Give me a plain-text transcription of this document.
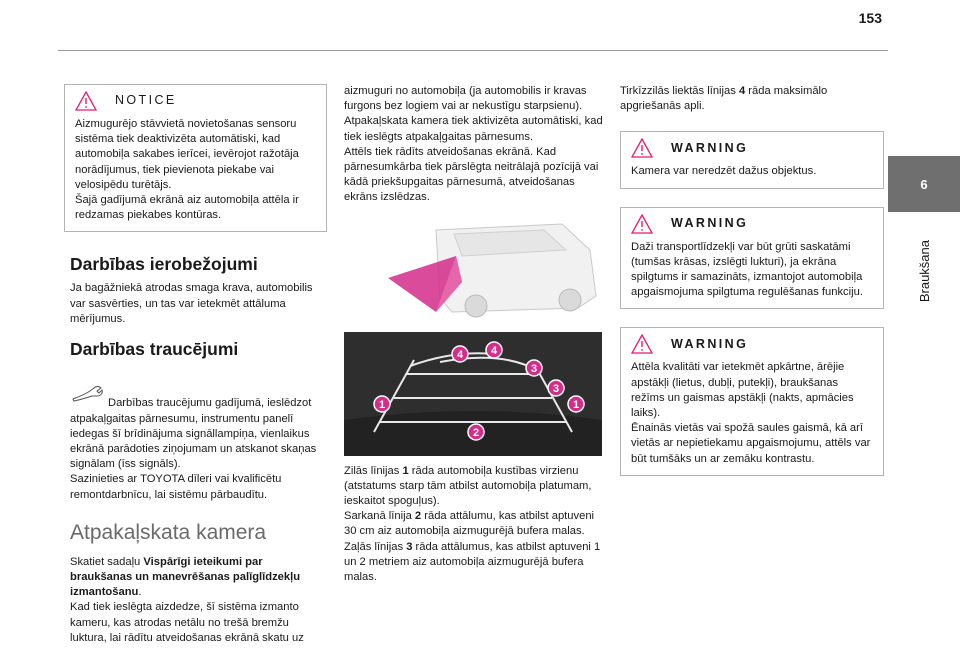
153
6
Braukšana
NOTICE
Aizmugurējo stāvvietā novietošanas sensoru sistēma tiek deaktivizēta automātiski, kad automobiļa sakabes ierīcei, ievērojot ražotāja norādījumus, tiek pievienota piekabe vai velosipēdu turētājs.
Šajā gadījumā ekrānā aiz automobiļa attēla ir redzamas piekabes kontūras.
Darbības ierobežojumi
Ja bagāžniekā atrodas smaga krava, automobilis var sasvērties, un tas var ietekmēt attāluma mērījumus.
Darbības traucējumi

Darbības traucējumu gadījumā, ieslēdzot atpakaļgaitas pārnesumu, instrumentu panelī iedegas šī brīdinājuma signāllampiņa, vienlaikus ekrānā parādoties ziņojumam un atskanot skaņas signālam (īss signāls).
Sazinieties ar TOYOTA dīleri vai kvalificētu remontdarbnīcu, lai sistēmu pārbaudītu.

Atpakaļskata kamera
Skatiet sadaļu Vispārīgi ieteikumi par braukšanas un manevrēšanas palīglīdzekļu izmantošanu.
Kad tiek ieslēgta aizdedze, šī sistēma izmanto kameru, kas atrodas netālu no trešā bremžu luktura, lai rādītu atveidošanas ekrānā skatu uz
aizmuguri no automobiļa (ja automobilis ir kravas furgons bez logiem vai ar nekustīgu starpsienu).
Atpakaļskata kamera tiek aktivizēta automātiski, kad tiek ieslēgts atpakaļgaitas pārnesums.
Attēls tiek rādīts atveidošanas ekrānā. Kad pārnesumkārba tiek pārslēgta neitrālajā pozīcijā vai kādā priekšupgaitas pārnesumā, atveidošanas ekrāns izslēdzas.
4	4
3
3
1	1
2
Zilās līnijas 1 rāda automobiļa kustības virzienu (atstatums starp tām atbilst automobiļa platumam, ieskaitot spoguļus).
Sarkanā līnija 2 rāda attālumu, kas atbilst aptuveni 30 cm aiz automobiļa aizmugurējā bufera malas.
Zaļās līnijas 3 rāda attālumus, kas atbilst aptuveni 1 un 2 metriem aiz automobiļa aizmugurējā bufera malas.
Tirkīzzilās liektās līnijas 4 rāda maksimālo apgriešanās apli.
WARNING
Kamera var neredzēt dažus objektus.
WARNING
Daži transportlīdzekļi var būt grūti saskatāmi (tumšas krāsas, izslēgti lukturi), ja ekrāna spilgtums ir samazināts, izmantojot automobiļa apgaismojuma spilgtuma regulēšanas funkciju.
WARNING
Attēla kvalitāti var ietekmēt apkārtne, ārējie apstākļi (lietus, dubļi, putekļi), braukšanas režīms un gaismas apstākļi (nakts, apmācies laiks).
Ēnainās vietās vai spožā saules gaismā, kā arī vietās ar nepietiekamu apgaismojumu, attēls var būt tumšāks un ar zemāku kontrastu.
